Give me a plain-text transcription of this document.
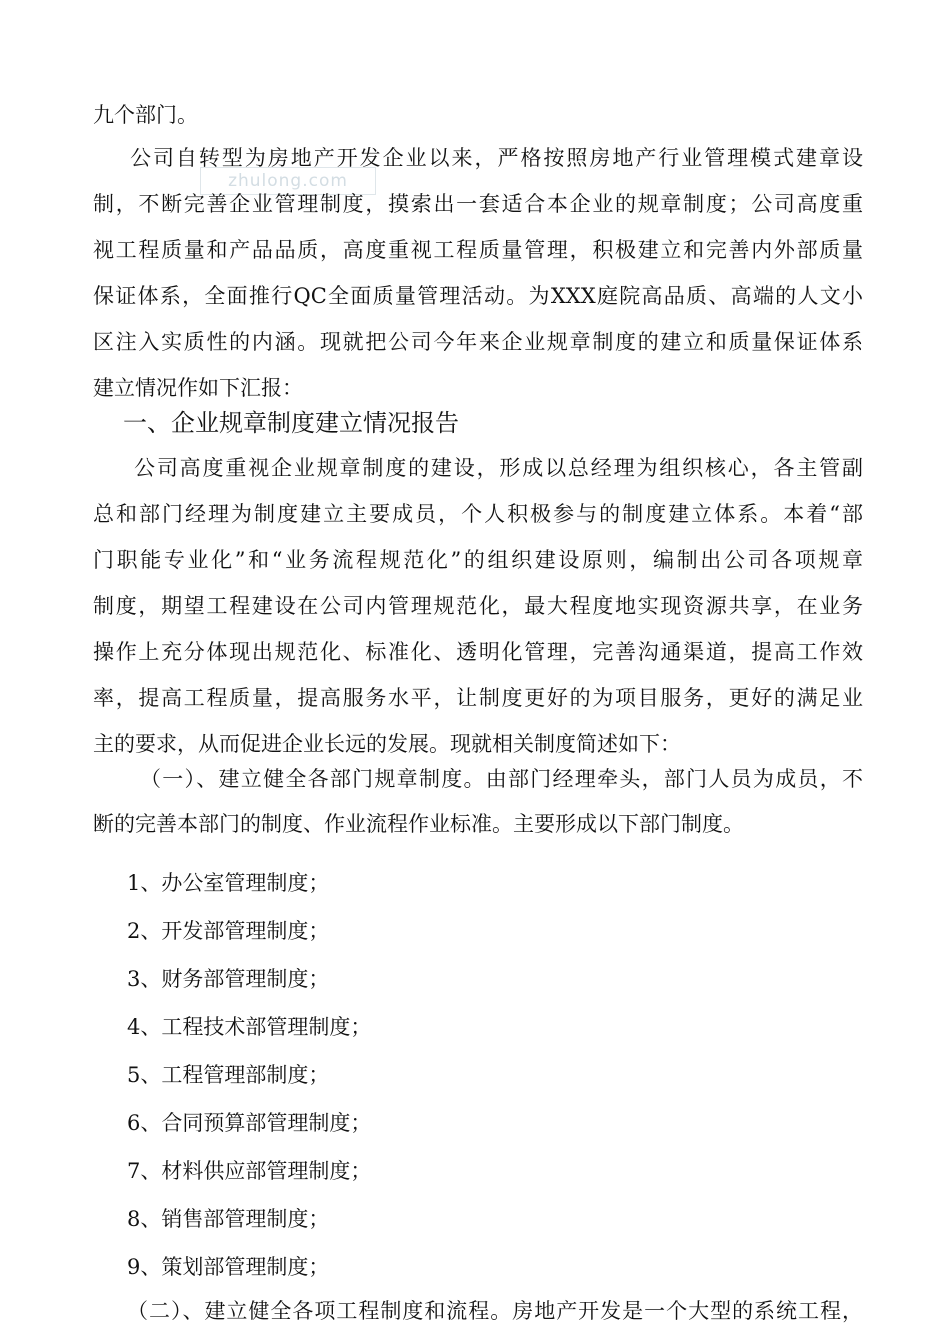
zhulong.com
九个部门。
公司自转型为房地产开发企业以来，严格按照房地产行业管理模式建章设
制，不断完善企业管理制度，摸索出一套适合本企业的规章制度；公司高度重
视工程质量和产品品质，高度重视工程质量管理，积极建立和完善内外部质量
保证体系，全面推行QC全面质量管理活动。为XXX庭院高品质、高端的人文小
区注入实质性的内涵。现就把公司今年来企业规章制度的建立和质量保证体系
建立情况作如下汇报：
一、企业规章制度建立情况报告
公司高度重视企业规章制度的建设，形成以总经理为组织核心，各主管副
总和部门经理为制度建立主要成员，个人积极参与的制度建立体系。本着“部
门职能专业化”和“业务流程规范化”的组织建设原则，编制出公司各项规章
制度，期望工程建设在公司内管理规范化，最大程度地实现资源共享，在业务
操作上充分体现出规范化、标准化、透明化管理，完善沟通渠道，提高工作效
率，提高工程质量，提高服务水平，让制度更好的为项目服务，更好的满足业
主的要求，从而促进企业长远的发展。现就相关制度简述如下：
（一）、建立健全各部门规章制度。由部门经理牵头，部门人员为成员，不
断的完善本部门的制度、作业流程作业标准。主要形成以下部门制度。
1、办公室管理制度；
2、开发部管理制度；
3、财务部管理制度；
4、工程技术部管理制度；
5、工程管理部制度；
6、合同预算部管理制度；
7、材料供应部管理制度；
8、销售部管理制度；
9、策划部管理制度；
（二）、建立健全各项工程制度和流程。房地产开发是一个大型的系统工程，
